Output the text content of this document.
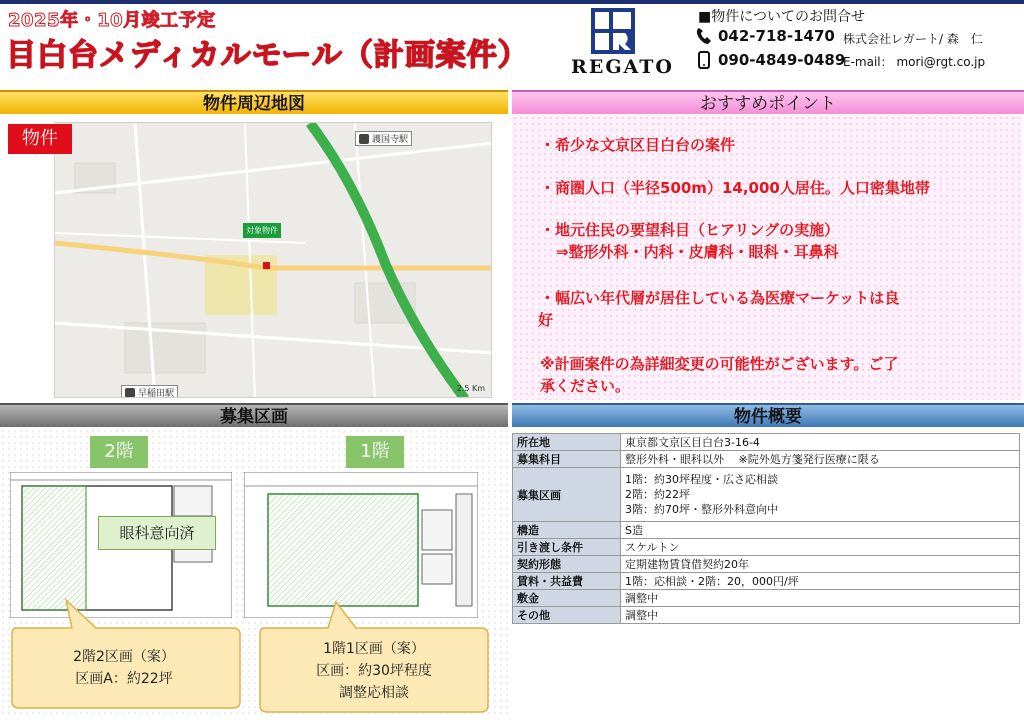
2025年・10月竣工予定
目白台メディカルモール（計画案件）	REGATO
■物件についてのお問合せ
042-718-1470
090-4849-0489
株式会社レガート/ 森　仁
E-mail： mori@rgt.co.jp
物件周辺地図	おすすめポイント
募集区画	物件概要
護国寺駅
早稲田駅
対象物件
2.5 Km
物件	・希少な文京区目白台の案件
・商圏人口（半径500m）14,000人居住。人口密集地帯
・地元住民の要望科目（ヒアリングの実施）
⇒整形外科・内科・皮膚科・眼科・耳鼻科
・幅広い年代層が居住している為医療マーケットは良
好
※計画案件の為詳細変更の可能性がございます。ご了
承ください。
2階	1階
眼科意向済
2階2区画（案）
区画A：約22坪
1階1区画（案）
区画：約30坪程度
調整応相談
所在地	東京都文京区目白台3-16-4

募集科目	整形外科・眼科以外　 ※院外処方箋発行医療に限る

募集区画	1階：約30坪程度・広さ応相談
2階：約22坪
3階：約70坪・整形外科意向中

構造	S造

引き渡し条件	スケルトン

契約形態	定期建物賃貸借契約20年

賃料・共益費	1階：応相談・2階：20，000円/坪

敷金	調整中

その他	調整中
